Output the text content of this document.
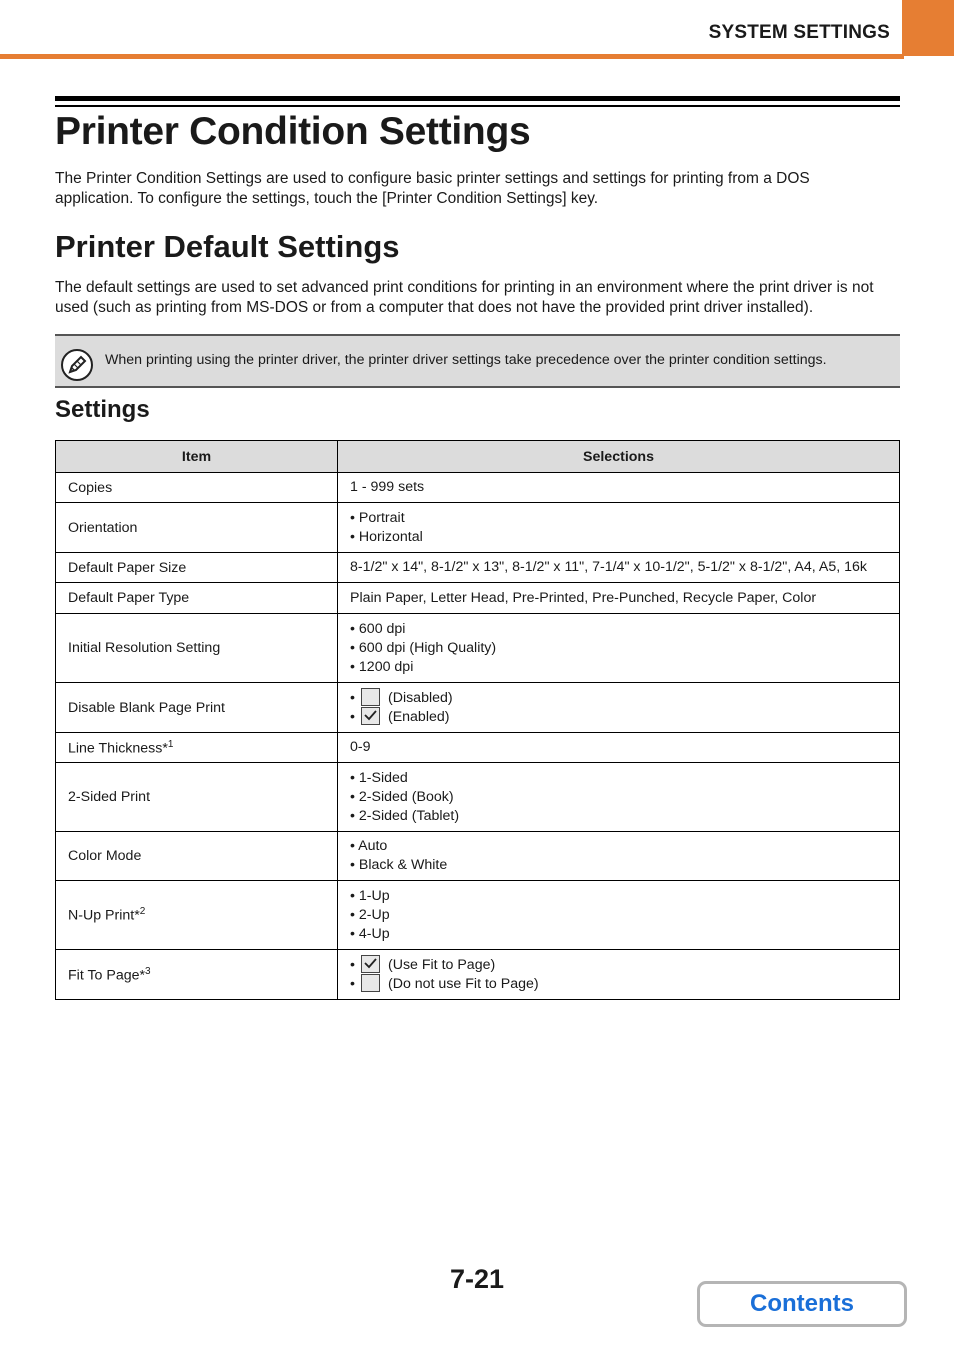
SYSTEM SETTINGS
Printer Condition Settings

The Printer Condition Settings are used to configure basic printer settings and settings for printing from a DOS
application. To configure the settings, touch the [Printer Condition Settings] key.

Printer Default Settings

The default settings are used to set advanced print conditions for printing in an environment where the print driver is not
used (such as printing from MS-DOS or from a computer that does not have the provided print driver installed).

When printing using the printer driver, the printer driver settings take precedence over the printer condition settings.
Settings
Item	Selections
Copies	1 - 999 sets

Orientation	• Portrait
• Horizontal

Default Paper Size	8-1/2" x 14", 8-1/2" x 13", 8-1/2" x 11", 7-1/4" x 10-1/2", 5-1/2" x 8-1/2", A4, A5, 16k

Default Paper Type	Plain Paper, Letter Head, Pre-Printed, Pre-Punched, Recycle Paper, Color

Initial Resolution Setting	• 600 dpi
• 600 dpi (High Quality)
• 1200 dpi

Disable Blank Page Print	• (Disabled)
• (Enabled)

Line Thickness*$^1$	0-9

2-Sided Print	• 1-Sided
• 2-Sided (Book)
• 2-Sided (Tablet)

Color Mode	• Auto
• Black & White

N-Up Print*$^2$	• 1-Up
• 2-Up
• 4-Up

Fit To Page*$^3$	• (Use Fit to Page)
• (Do not use Fit to Page)
7-21
Contents
